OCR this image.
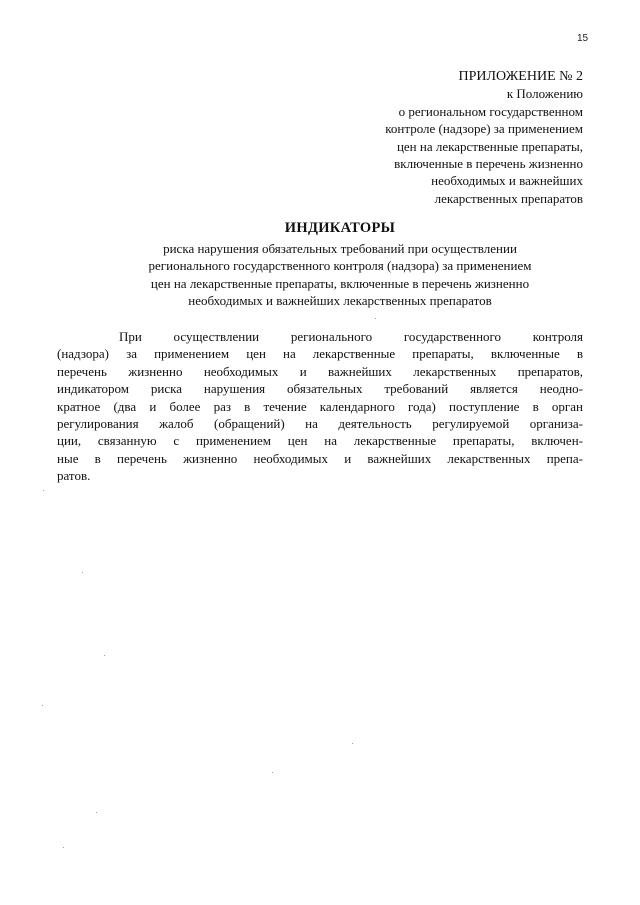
15
ПРИЛОЖЕНИЕ № 2
к Положению
о региональном государственном
контроле (надзоре) за применением
цен на лекарственные препараты,
включенные в перечень жизненно
необходимых и важнейших
лекарственных препаратов
ИНДИКАТОРЫ
риска нарушения обязательных требований при осуществлении
регионального государственного контроля (надзора) за применением
цен на лекарственные препараты, включенные в перечень жизненно
необходимых и важнейших лекарственных препаратов
При осуществлении регионального государственного контроля
(надзора) за применением цен на лекарственные препараты, включенные в
перечень жизненно необходимых и важнейших лекарственных препаратов,
индикатором риска нарушения обязательных требований является неодно-
кратное (два и более раз в течение календарного года) поступление в орган
регулирования жалоб (обращений) на деятельность регулируемой организа-
ции, связанную с применением цен на лекарственные препараты, включен-
ные в перечень жизненно необходимых и важнейших лекарственных препа-
ратов.
